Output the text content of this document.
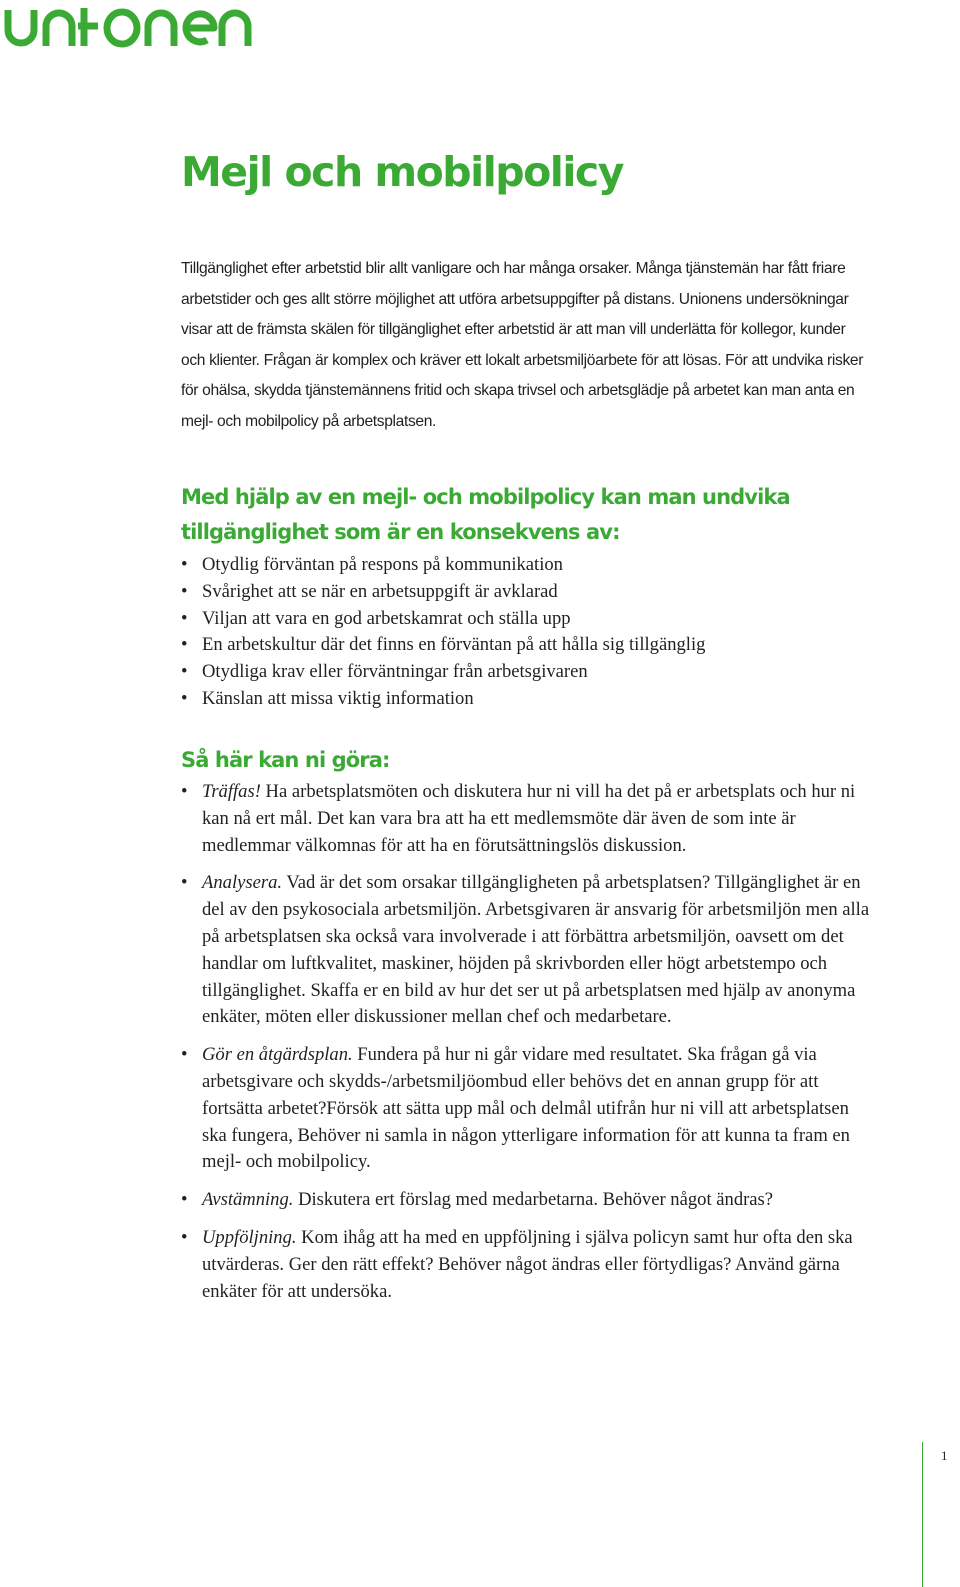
Mejl och mobilpolicy

Tillgänglighet efter arbetstid blir allt vanligare och har många orsaker. Många tjänstemän har fått friare arbetstider och ges allt större möjlighet att utföra arbetsuppgifter på distans. Unionens undersökningar visar att de främsta skälen för tillgänglighet efter arbetstid är att man vill underlätta för kollegor, kunder och klienter. Frågan är komplex och kräver ett lokalt arbetsmiljöarbete för att lösas. För att undvika risker för ohälsa, skydda tjänstemännens fritid och skapa trivsel och arbetsglädje på arbetet kan man anta en mejl- och mobilpolicy på arbetsplatsen.

Med hjälp av en mejl- och mobilpolicy kan man undvika tillgänglighet som är en konsekvens av:
• Otydlig förväntan på respons på kommunikation
• Svårighet att se när en arbetsuppgift är avklarad
• Viljan att vara en god arbetskamrat och ställa upp
• En arbetskultur där det finns en förväntan på att hålla sig tillgänglig
• Otydliga krav eller förväntningar från arbetsgivaren
• Känslan att missa viktig information
Så här kan ni göra:
• Träffas! Ha arbetsplatsmöten och diskutera hur ni vill ha det på er arbetsplats och hur ni kan nå ert mål. Det kan vara bra att ha ett medlemsmöte där även de som inte är medlemmar välkomnas för att ha en förutsättningslös diskussion.
• Analysera. Vad är det som orsakar tillgängligheten på arbetsplatsen? Tillgänglighet är en del av den psykosociala arbetsmiljön. Arbetsgivaren är ansvarig för arbetsmiljön men alla på arbetsplatsen ska också vara involverade i att förbättra arbetsmiljön, oavsett om det handlar om luftkvalitet, maskiner, höjden på skrivborden eller högt arbetstempo och tillgänglighet. Skaffa er en bild av hur det ser ut på arbetsplatsen med hjälp av anonyma enkäter, möten eller diskussioner mellan chef och medarbetare.
• Gör en åtgärdsplan. Fundera på hur ni går vidare med resultatet. Ska frågan gå via arbetsgivare och skydds-/arbetsmiljöombud eller behövs det en annan grupp för att fortsätta arbetet?Försök att sätta upp mål och delmål utifrån hur ni vill att arbetsplatsen ska fungera, Behöver ni samla in någon ytterligare information för att kunna ta fram en mejl- och mobilpolicy.
• Avstämning. Diskutera ert förslag med medarbetarna. Behöver något ändras?
• Uppföljning. Kom ihåg att ha med en uppföljning i själva policyn samt hur ofta den ska utvärderas. Ger den rätt effekt? Behöver något ändras eller förtydligas? Använd gärna enkäter för att undersöka.
1
